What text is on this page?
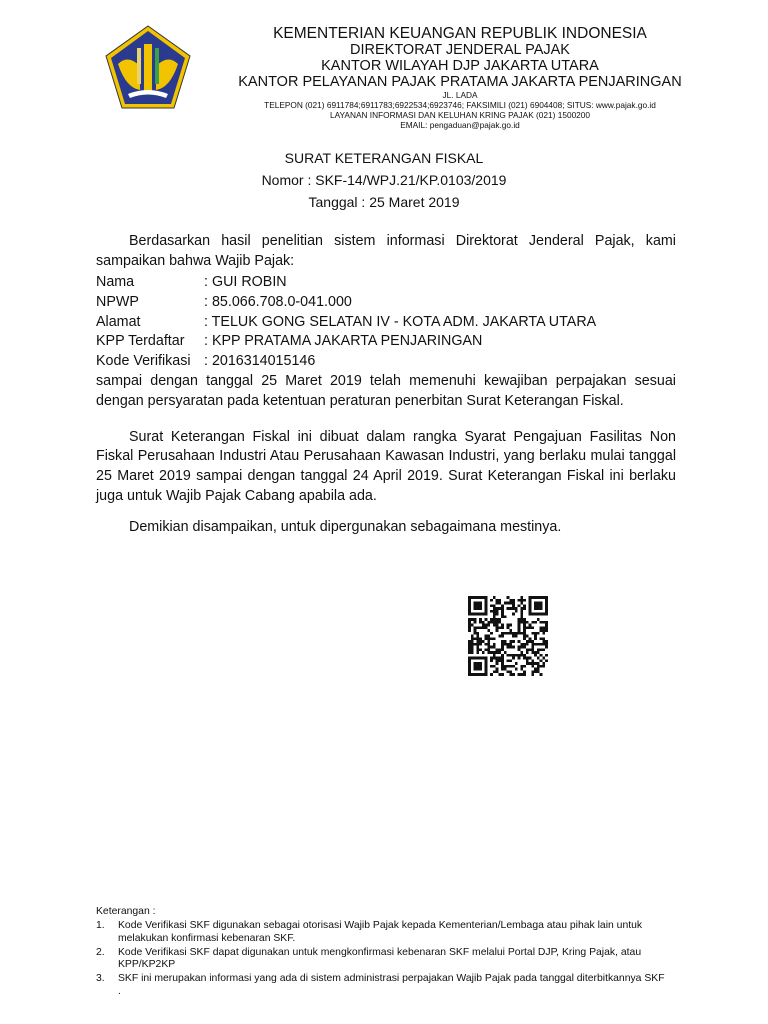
KEMENTERIAN KEUANGAN REPUBLIK INDONESIA
DIREKTORAT JENDERAL PAJAK
KANTOR WILAYAH DJP JAKARTA UTARA
KANTOR PELAYANAN PAJAK PRATAMA JAKARTA PENJARINGAN
JL. LADA
TELEPON (021) 6911784;6911783;6922534;6923746; FAKSIMILI (021) 6904408; SITUS: www.pajak.go.id
LAYANAN INFORMASI DAN KELUHAN KRING PAJAK (021) 1500200
EMAIL: pengaduan@pajak.go.id
SURAT KETERANGAN FISKAL
Nomor : SKF-14/WPJ.21/KP.0103/2019
Tanggal : 25 Maret 2019

Berdasarkan hasil penelitian sistem informasi Direktorat Jenderal Pajak, kami sampaikan bahwa Wajib Pajak:

Nama	: GUI ROBIN
NPWP	: 85.066.708.0-041.000
Alamat	: TELUK GONG SELATAN IV - KOTA ADM. JAKARTA UTARA
KPP Terdaftar : KPP PRATAMA JAKARTA PENJARINGAN
Kode Verifikasi : 2016314015146

sampai dengan tanggal 25 Maret 2019 telah memenuhi kewajiban perpajakan sesuai dengan persyaratan pada ketentuan peraturan penerbitan Surat Keterangan Fiskal.

Surat Keterangan Fiskal ini dibuat dalam rangka Syarat Pengajuan Fasilitas Non Fiskal Perusahaan Industri Atau Perusahaan Kawasan Industri, yang berlaku mulai tanggal 25 Maret 2019 sampai dengan tanggal 24 April 2019. Surat Keterangan Fiskal ini berlaku juga untuk Wajib Pajak Cabang apabila ada.

Demikian disampaikan, untuk dipergunakan sebagaimana mestinya.

Keterangan :
1.	Kode Verifikasi SKF digunakan sebagai otorisasi Wajib Pajak kepada Kementerian/Lembaga atau pihak lain untuk melakukan konfirmasi kebenaran SKF.
2.	Kode Verifikasi SKF dapat digunakan untuk mengkonfirmasi kebenaran SKF melalui Portal DJP, Kring Pajak, atau KPP/KP2KP
3.	SKF ini merupakan informasi yang ada di sistem administrasi perpajakan Wajib Pajak pada tanggal diterbitkannya SKF
.
